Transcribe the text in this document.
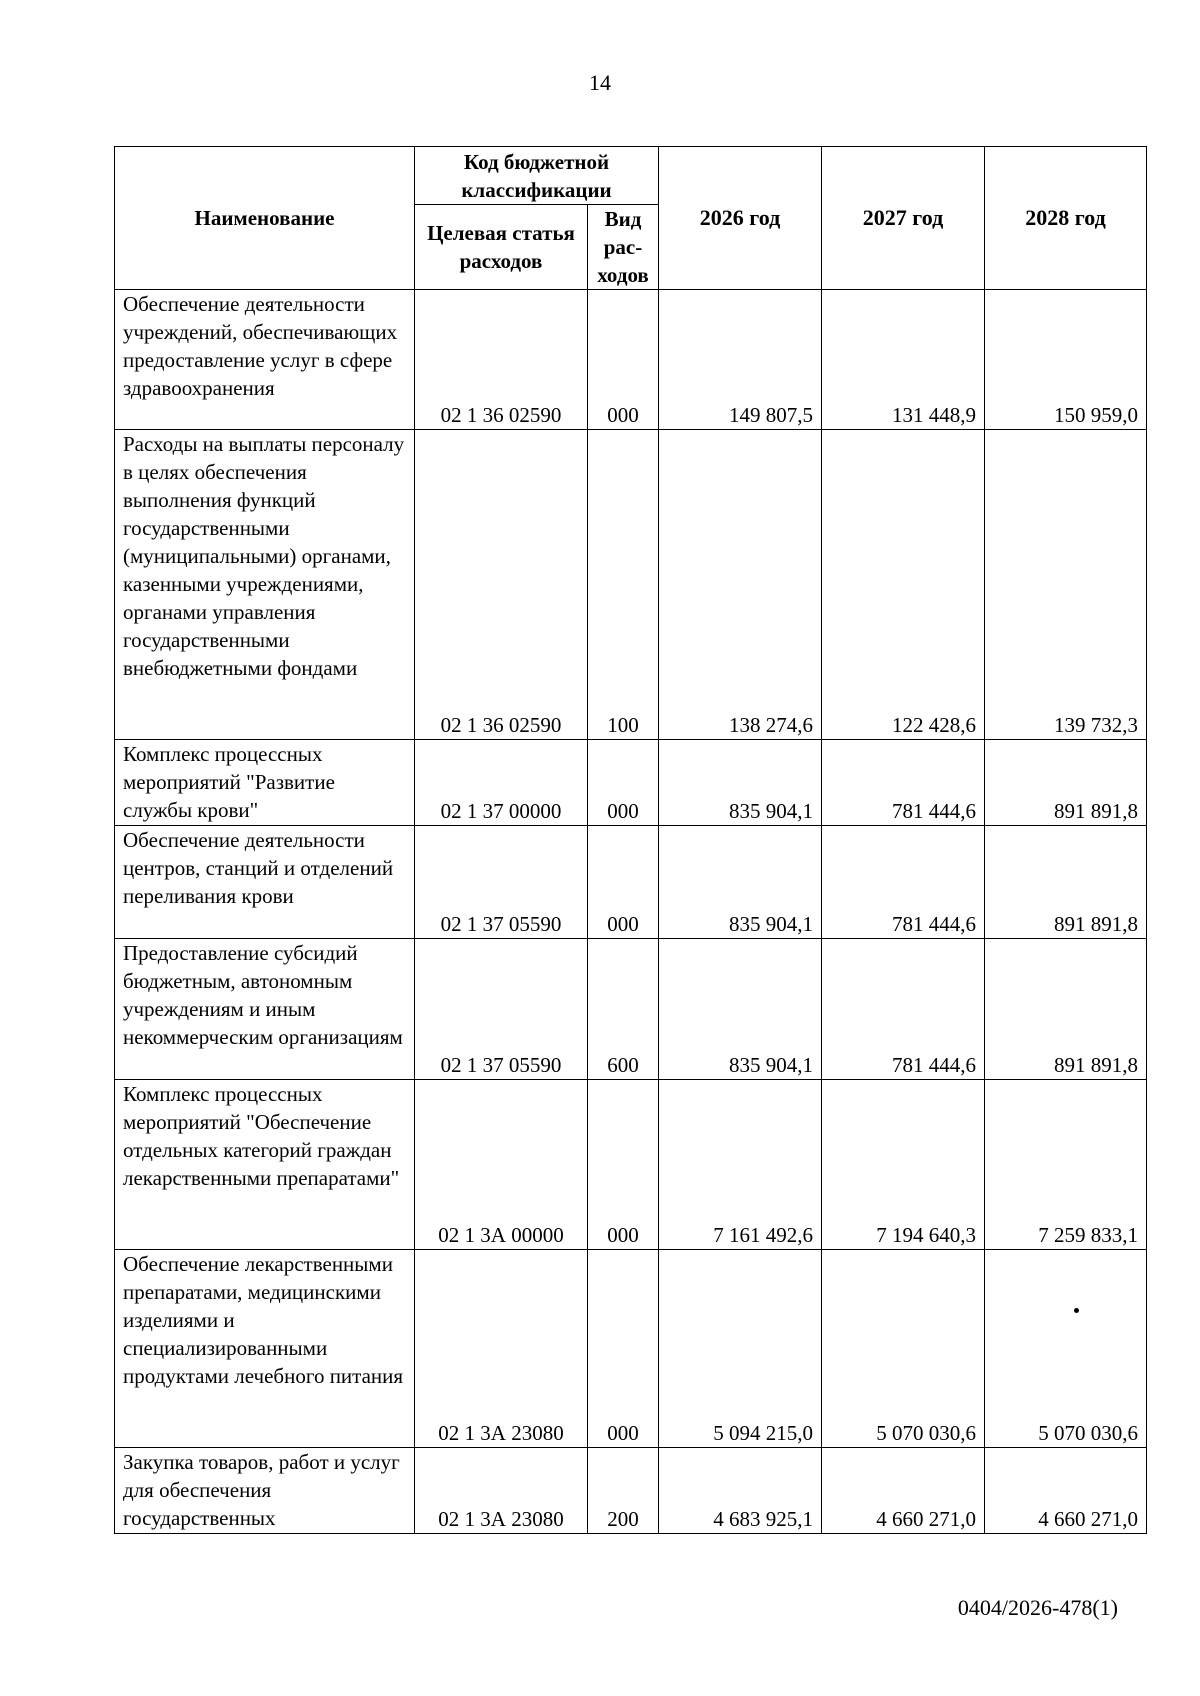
14
Наименование	Код бюджетной классификации		2026 год	2027 год	2028 год
	Целевая статья расходов	Вид рас-ходов			
Обеспечение деятельности учреждений, обеспечивающих предоставление услуг в сфере здравоохранения	02 1 36 02590	000	149 807,5	131 448,9	150 959,0
Расходы на выплаты персоналу в целях обеспечения выполнения функций государственными (муниципальными) органами, казенными учреждениями, органами управления государственными внебюджетными фондами	02 1 36 02590	100	138 274,6	122 428,6	139 732,3
Комплекс процессных мероприятий "Развитие службы крови"	02 1 37 00000	000	835 904,1	781 444,6	891 891,8
Обеспечение деятельности центров, станций и отделений переливания крови	02 1 37 05590	000	835 904,1	781 444,6	891 891,8
Предоставление субсидий бюджетным, автономным учреждениям и иным некоммерческим организациям	02 1 37 05590	600	835 904,1	781 444,6	891 891,8
Комплекс процессных мероприятий "Обеспечение отдельных категорий граждан лекарственными препаратами"	02 1 3А 00000	000	7 161 492,6	7 194 640,3	7 259 833,1
Обеспечение лекарственными препаратами, медицинскими изделиями и специализированными продуктами лечебного питания	02 1 3А 23080	000	5 094 215,0	5 070 030,6	5 070 030,6
Закупка товаров, работ и услуг для обеспечения государственных	02 1 3А 23080	200	4 683 925,1	4 660 271,0	4 660 271,0
0404/2026-478(1)
